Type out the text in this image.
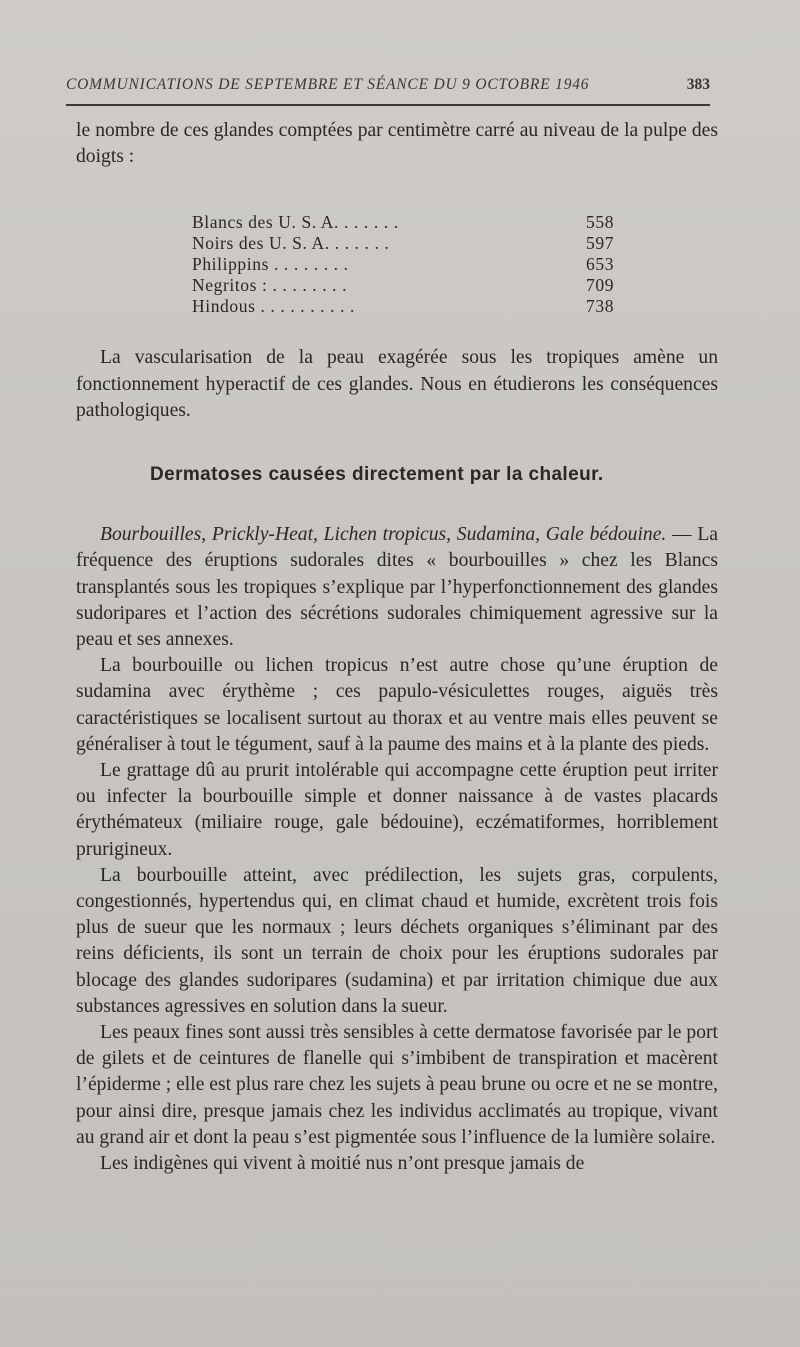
COMMUNICATIONS DE SEPTEMBRE ET SÉANCE DU 9 OCTOBRE 1946	383

le nombre de ces glandes comptées par centimètre carré au niveau de la pulpe des doigts :

Blancs des U. S. A. . . . . . .	558
Noirs des U. S. A. . . . . . .	597
Philippins . . . . . . . .	653
Negritos : . . . . . . . .	709
Hindous . . . . . . . . . .	738

La vascularisation de la peau exagérée sous les tropiques amène un fonctionnement hyperactif de ces glandes. Nous en étudierons les conséquences pathologiques.

Dermatoses causées directement par la chaleur.

Bourbouilles, Prickly-Heat, Lichen tropicus, Sudamina, Gale bédouine. — La fréquence des éruptions sudorales dites « bourbouilles » chez les Blancs transplantés sous les tropiques s’explique par l’hyperfonctionnement des glandes sudoripares et l’action des sécrétions sudorales chimiquement agressive sur la peau et ses annexes.

La bourbouille ou lichen tropicus n’est autre chose qu’une éruption de sudamina avec érythème ; ces papulo-vésiculettes rouges, aiguës très caractéristiques se localisent surtout au thorax et au ventre mais elles peuvent se généraliser à tout le tégument, sauf à la paume des mains et à la plante des pieds.

Le grattage dû au prurit intolérable qui accompagne cette éruption peut irriter ou infecter la bourbouille simple et donner naissance à de vastes placards érythémateux (miliaire rouge, gale bédouine), eczématiformes, horriblement prurigineux.

La bourbouille atteint, avec prédilection, les sujets gras, corpulents, congestionnés, hypertendus qui, en climat chaud et humide, excrètent trois fois plus de sueur que les normaux ; leurs déchets organiques s’éliminant par des reins déficients, ils sont un terrain de choix pour les éruptions sudorales par blocage des glandes sudoripares (sudamina) et par irritation chimique due aux substances agressives en solution dans la sueur.

Les peaux fines sont aussi très sensibles à cette dermatose favorisée par le port de gilets et de ceintures de flanelle qui s’imbibent de transpiration et macèrent l’épiderme ; elle est plus rare chez les sujets à peau brune ou ocre et ne se montre, pour ainsi dire, presque jamais chez les individus acclimatés au tropique, vivant au grand air et dont la peau s’est pigmentée sous l’influence de la lumière solaire.

Les indigènes qui vivent à moitié nus n’ont presque jamais de
